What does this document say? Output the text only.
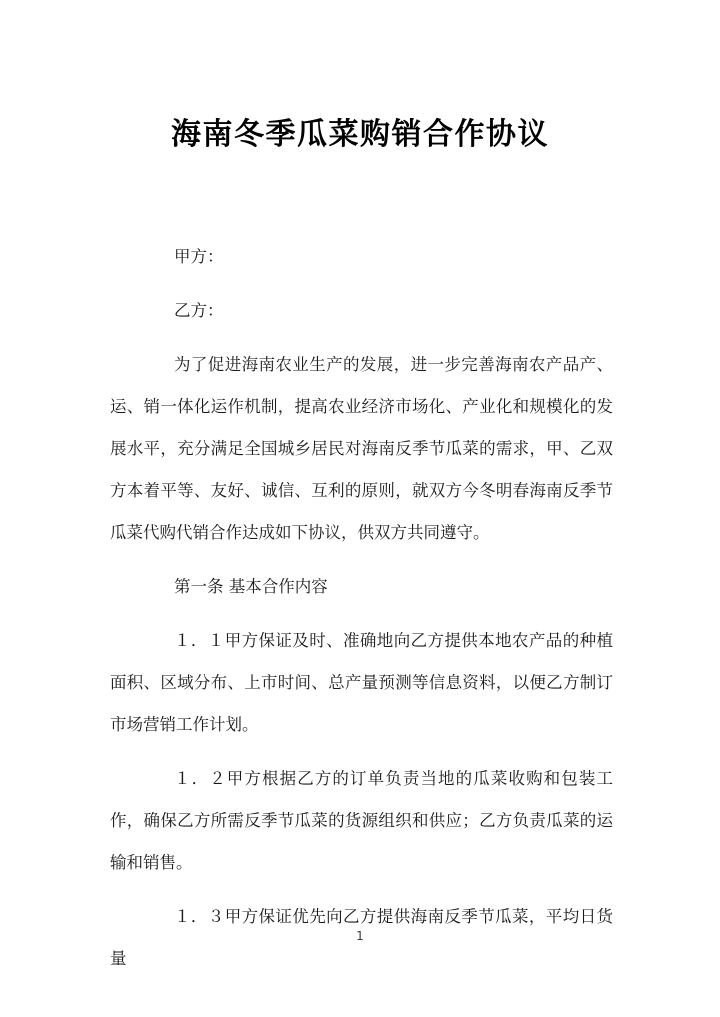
海南冬季瓜菜购销合作协议

甲方：

乙方：

为了促进海南农业生产的发展，进一步完善海南农产品产、运、销一体化运作机制，提高农业经济市场化、产业化和规模化的发展水平，充分满足全国城乡居民对海南反季节瓜菜的需求，甲、乙双方本着平等、友好、诚信、互利的原则，就双方今冬明春海南反季节瓜菜代购代销合作达成如下协议，供双方共同遵守。

第一条 基本合作内容

１．１甲方保证及时、准确地向乙方提供本地农产品的种植面积、区域分布、上市时间、总产量预测等信息资料，以便乙方制订市场营销工作计划。

１．２甲方根据乙方的订单负责当地的瓜菜收购和包装工作，确保乙方所需反季节瓜菜的货源组织和供应；乙方负责瓜菜的运输和销售。

１．３甲方保证优先向乙方提供海南反季节瓜菜，平均日货量

1
